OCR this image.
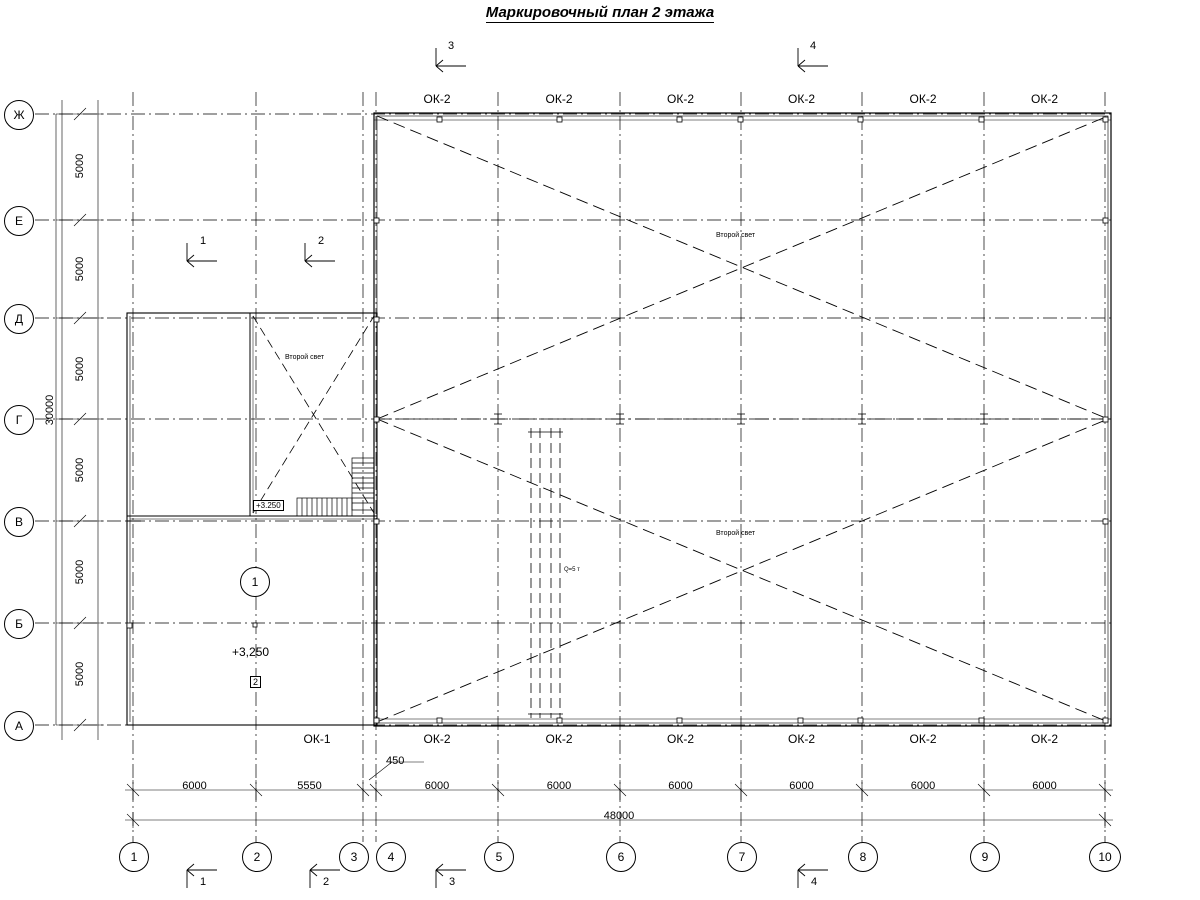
Маркировочный план 2 этажа
Ж
Е
Д
Г
В
Б
А
1	2	3	4	5	6	7	8	9	10
5000
5000
5000
5000
5000
5000
30000
6000	5550
450
6000	6000	6000	6000	6000	6000
48000
ОК-2	ОК-2	ОК-2	ОК-2	ОК-2	ОК-2
ОК-1	ОК-2	ОК-2	ОК-2	ОК-2	ОК-2	ОК-2
3	4
1	2
1	2	3	4
Второй свет
Второй свет
Второй свет
Q=5 т
+3.250
+3,250
1
2
